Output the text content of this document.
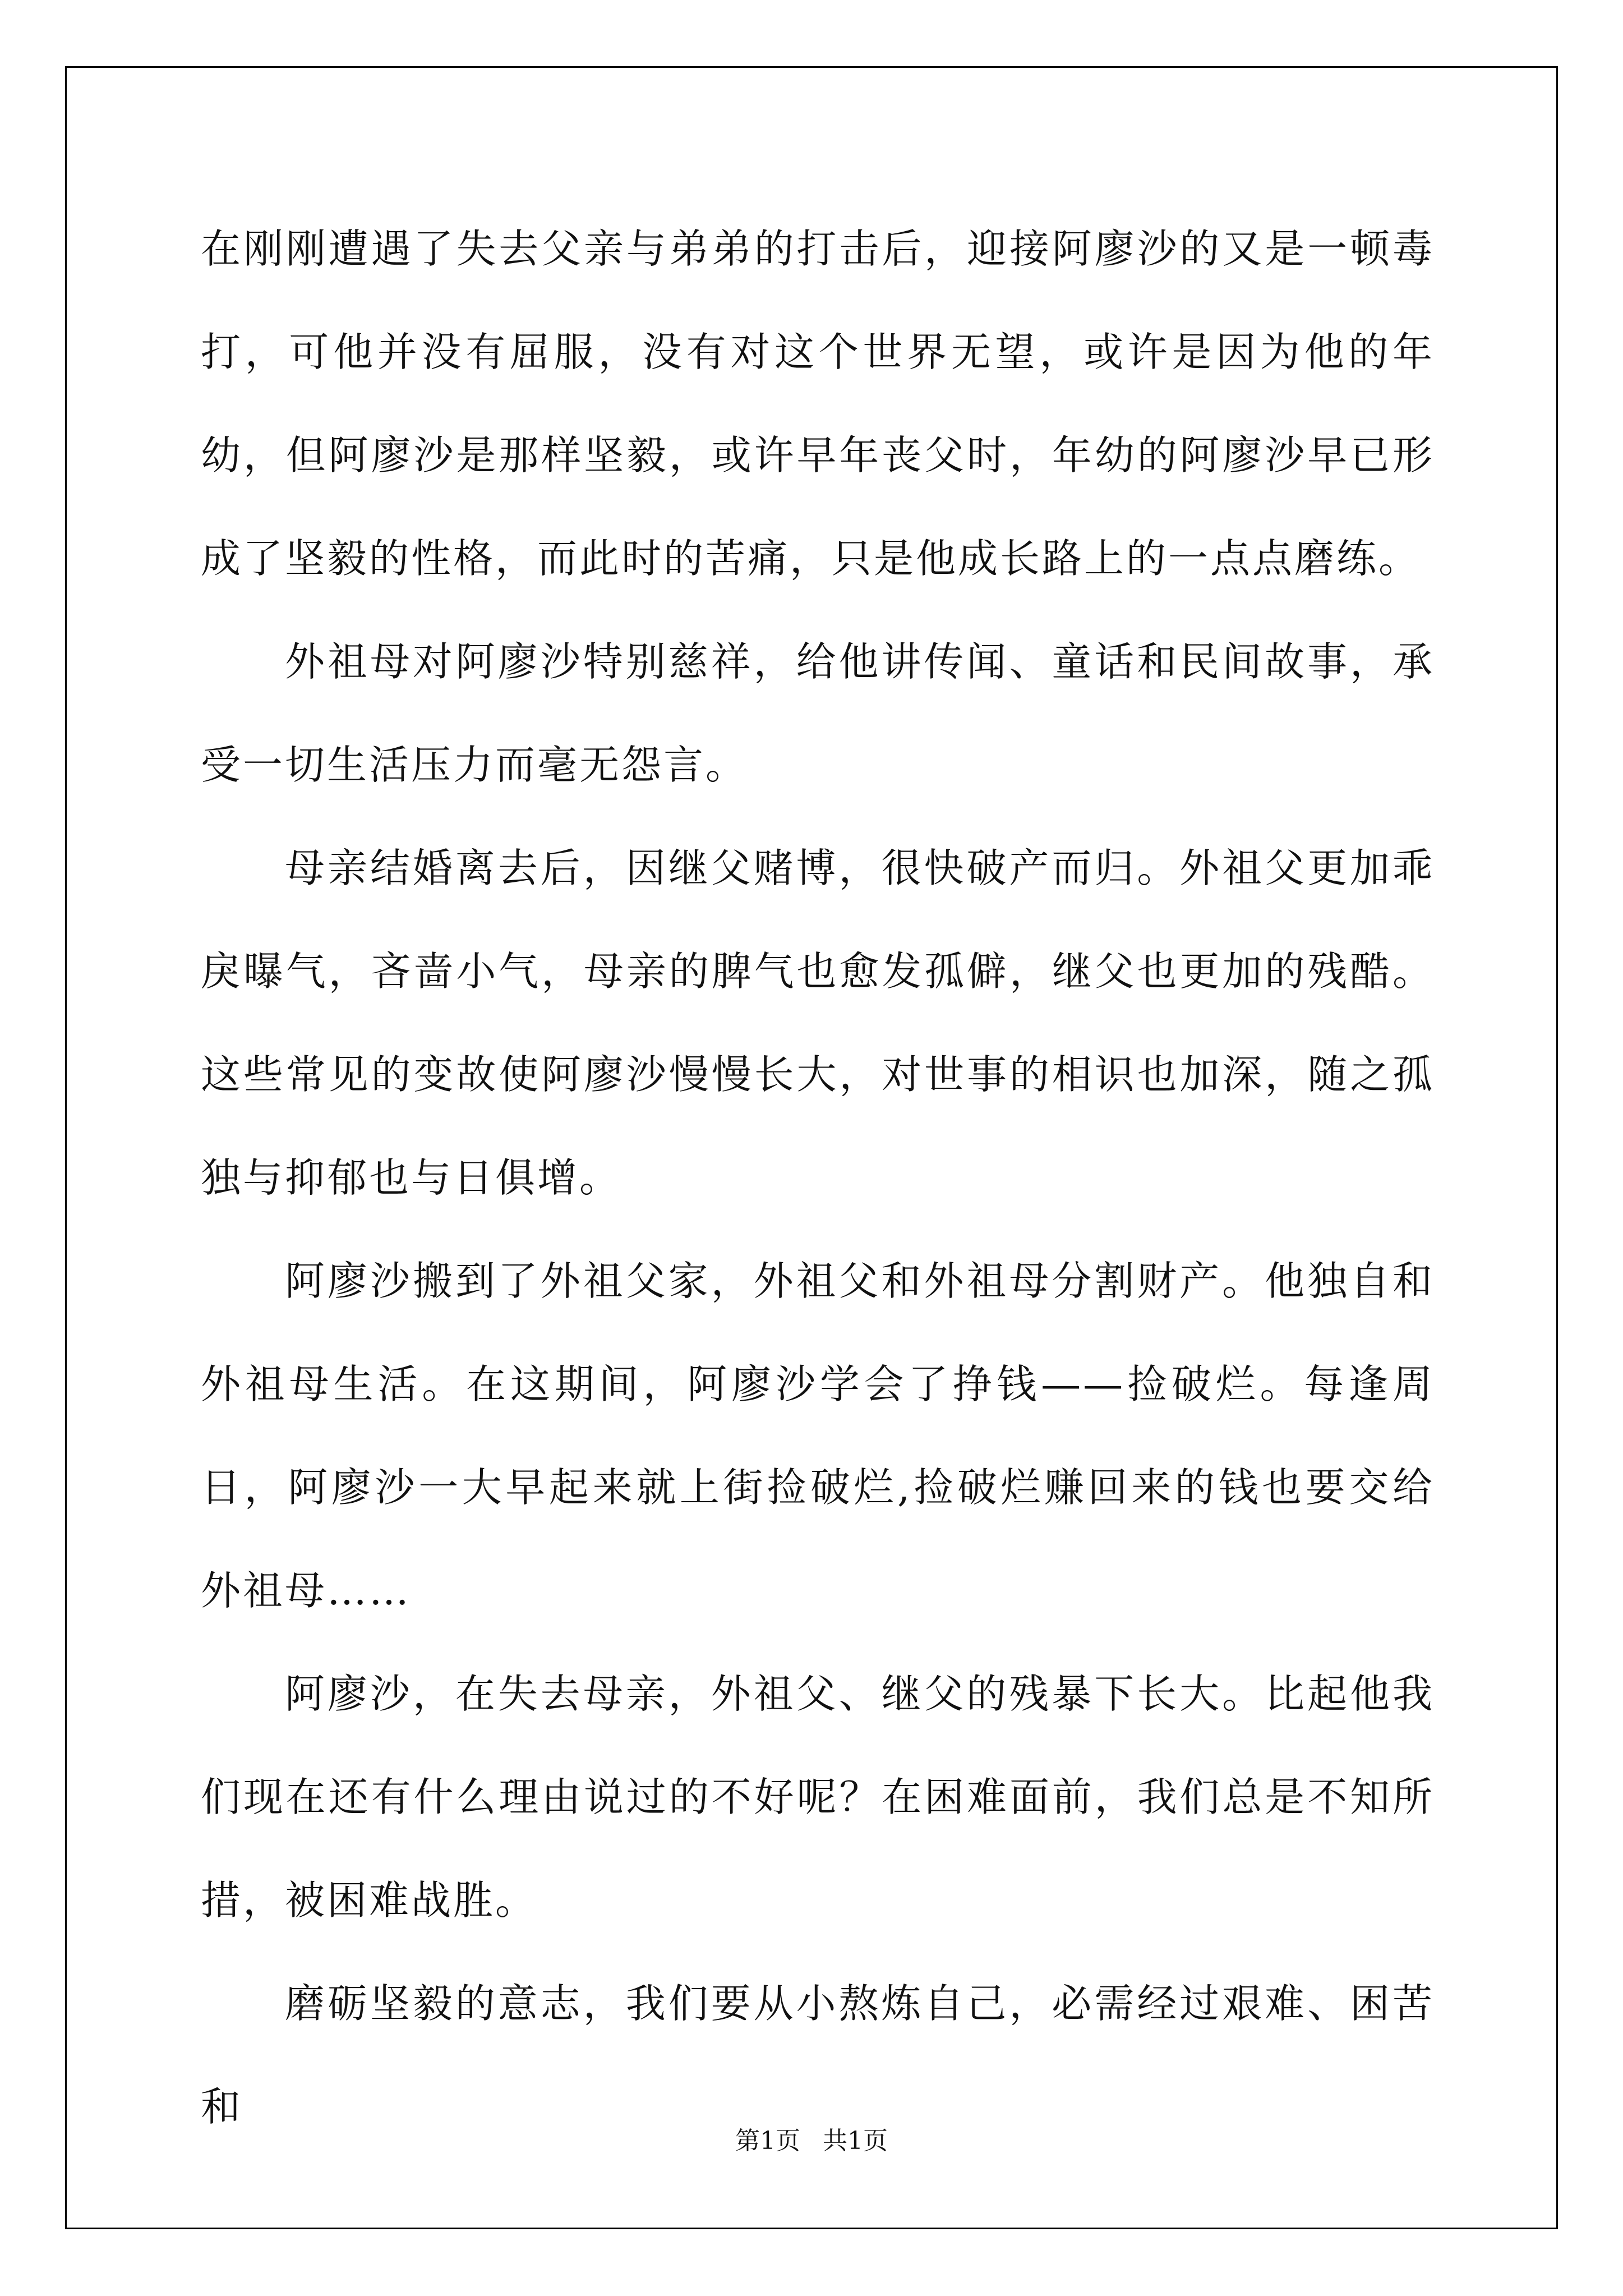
在刚刚遭遇了失去父亲与弟弟的打击后，迎接阿廖沙的又是一顿毒打，可他并没有屈服，没有对这个世界无望，或许是因为他的年幼，但阿廖沙是那样坚毅，或许早年丧父时，年幼的阿廖沙早已形成了坚毅的性格，而此时的苦痛，只是他成长路上的一点点磨练。

外祖母对阿廖沙特别慈祥，给他讲传闻、童话和民间故事，承受一切生活压力而毫无怨言。

母亲结婚离去后，因继父赌博，很快破产而归。外祖父更加乖戾曝气，吝啬小气，母亲的脾气也愈发孤僻，继父也更加的残酷。这些常见的变故使阿廖沙慢慢长大，对世事的相识也加深，随之孤独与抑郁也与日俱增。

阿廖沙搬到了外祖父家，外祖父和外祖母分割财产。他独自和外祖母生活。在这期间，阿廖沙学会了挣钱——捡破烂。每逢周日，阿廖沙一大早起来就上街捡破烂,捡破烂赚回来的钱也要交给外祖母……

阿廖沙，在失去母亲，外祖父、继父的残暴下长大。比起他我们现在还有什么理由说过的不好呢？在困难面前，我们总是不知所措，被困难战胜。

磨砺坚毅的意志，我们要从小熬炼自己，必需经过艰难、困苦和

第1页 共1页
